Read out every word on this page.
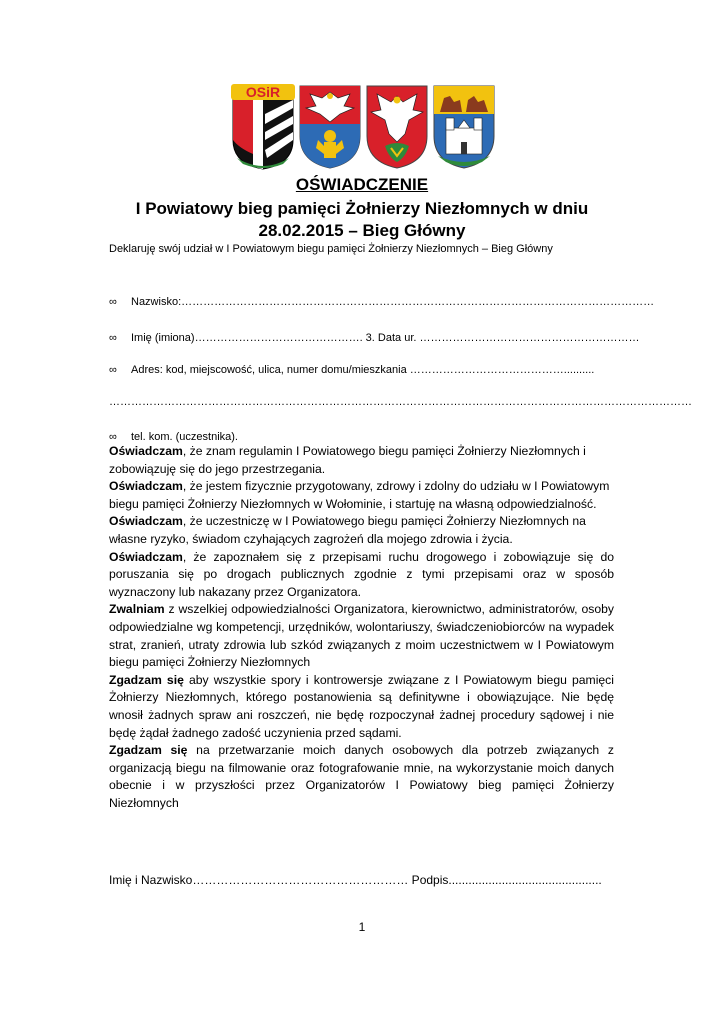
OSiR
OŚWIADCZENIE
I Powiatowy bieg pamięci Żołnierzy Niezłomnych w dniu
28.02.2015 – Bieg Główny

Deklaruję swój udział w I Powiatowym biegu pamięci Żołnierzy Niezłomnych – Bieg Główny

∞ Nazwisko:…………………………………………………………………………………………………………………
∞ Imię (imiona)………………………………………. 3. Data ur. ……………………………………………………
∞ Adres: kod, miejscowość, ulica, numer domu/mieszkania ……………………………………..........
……………………………………………………………………………………………………………………………………………
∞ tel. kom. (uczestnika).

Oświadczam, że znam regulamin I Powiatowego biegu pamięci Żołnierzy Niezłomnych i zobowiązuję się do jego przestrzegania.

Oświadczam, że jestem fizycznie przygotowany, zdrowy i zdolny do udziału w I Powiatowym biegu pamięci Żołnierzy Niezłomnych w Wołominie, i startuję na własną odpowiedzialność.

Oświadczam, że uczestniczę w I Powiatowego biegu pamięci Żołnierzy Niezłomnych na własne ryzyko, świadom czyhających zagrożeń dla mojego zdrowia i życia.

Oświadczam, że zapoznałem się z przepisami ruchu drogowego i zobowiązuje się do poruszania się po drogach publicznych zgodnie z tymi przepisami oraz w sposób wyznaczony lub nakazany przez Organizatora.

Zwalniam z wszelkiej odpowiedzialności Organizatora, kierownictwo, administratorów, osoby odpowiedzialne wg kompetencji, urzędników, wolontariuszy, świadczeniobiorców na wypadek strat, zranień, utraty zdrowia lub szkód związanych z moim uczestnictwem w I Powiatowym biegu pamięci Żołnierzy Niezłomnych

Zgadzam się aby wszystkie spory i kontrowersje związane z I Powiatowym biegu pamięci Żołnierzy Niezłomnych, którego postanowienia są definitywne i obowiązujące. Nie będę wnosił żadnych spraw ani roszczeń, nie będę rozpoczynał żadnej procedury sądowej i nie będę żądał żadnego zadość uczynienia przed sądami.

Zgadzam się na przetwarzanie moich danych osobowych dla potrzeb związanych z organizacją biegu na filmowanie oraz fotografowanie mnie, na wykorzystanie moich danych obecnie i w przyszłości przez Organizatorów I Powiatowy bieg pamięci Żołnierzy Niezłomnych

Imię i Nazwisko……………………………………………… Podpis..............................................
1
